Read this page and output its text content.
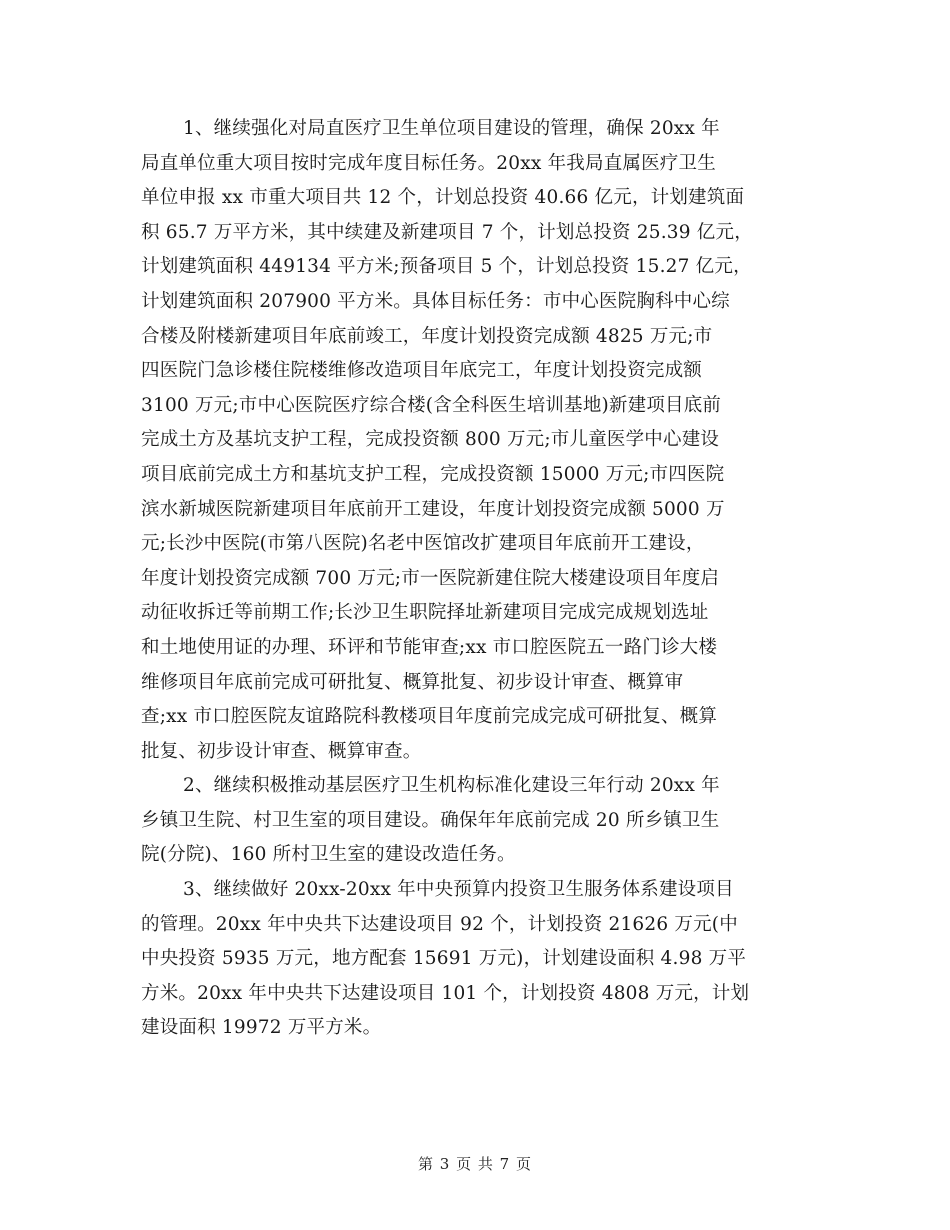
1、继续强化对局直医疗卫生单位项目建设的管理，确保 20xx 年
局直单位重大项目按时完成年度目标任务。20xx 年我局直属医疗卫生
单位申报 xx 市重大项目共 12 个，计划总投资 40.66 亿元，计划建筑面
积 65.7 万平方米，其中续建及新建项目 7 个，计划总投资 25.39 亿元，
计划建筑面积 449134 平方米;预备项目 5 个，计划总投资 15.27 亿元，
计划建筑面积 207900 平方米。具体目标任务：市中心医院胸科中心综
合楼及附楼新建项目年底前竣工，年度计划投资完成额 4825 万元;市
四医院门急诊楼住院楼维修改造项目年底完工，年度计划投资完成额
3100 万元;市中心医院医疗综合楼(含全科医生培训基地)新建项目底前
完成土方及基坑支护工程，完成投资额 800 万元;市儿童医学中心建设
项目底前完成土方和基坑支护工程，完成投资额 15000 万元;市四医院
滨水新城医院新建项目年底前开工建设，年度计划投资完成额 5000 万
元;长沙中医院(市第八医院)名老中医馆改扩建项目年底前开工建设，
年度计划投资完成额 700 万元;市一医院新建住院大楼建设项目年度启
动征收拆迁等前期工作;长沙卫生职院择址新建项目完成完成规划选址
和土地使用证的办理、环评和节能审查;xx 市口腔医院五一路门诊大楼
维修项目年底前完成可研批复、概算批复、初步设计审查、概算审
查;xx 市口腔医院友谊路院科教楼项目年度前完成完成可研批复、概算
批复、初步设计审查、概算审查。
2、继续积极推动基层医疗卫生机构标准化建设三年行动 20xx 年
乡镇卫生院、村卫生室的项目建设。确保年年底前完成 20 所乡镇卫生
院(分院)、160 所村卫生室的建设改造任务。
3、继续做好 20xx-20xx 年中央预算内投资卫生服务体系建设项目
的管理。20xx 年中央共下达建设项目 92 个，计划投资 21626 万元(中
中央投资 5935 万元，地方配套 15691 万元)，计划建设面积 4.98 万平
方米。20xx 年中央共下达建设项目 101 个，计划投资 4808 万元，计划
建设面积 19972 万平方米。
第 3 页 共 7 页
